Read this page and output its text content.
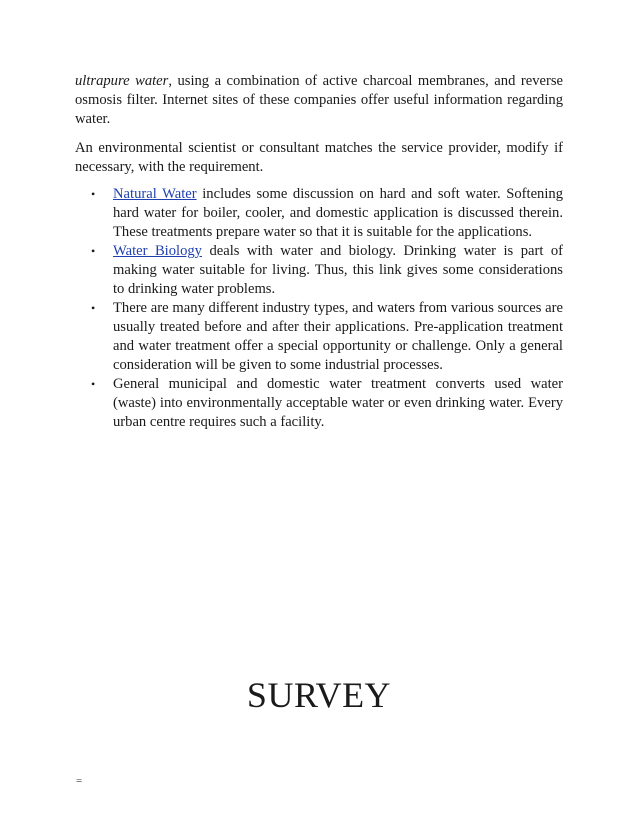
ultrapure water, using a combination of active charcoal membranes, and reverse osmosis filter. Internet sites of these companies offer useful information regarding water.

An environmental scientist or consultant matches the service provider, modify if necessary, with the requirement.

• Natural Water includes some discussion on hard and soft water. Softening hard water for boiler, cooler, and domestic application is discussed therein. These treatments prepare water so that it is suitable for the applications.
• Water Biology deals with water and biology. Drinking water is part of making water suitable for living. Thus, this link gives some considerations to drinking water problems.
• There are many different industry types, and waters from various sources are usually treated before and after their applications. Pre-application treatment and water treatment offer a special opportunity or challenge. Only a general consideration will be given to some industrial processes.
• General municipal and domestic water treatment converts used water (waste) into environmentally acceptable water or even drinking water. Every urban centre requires such a facility.
SURVEY
=
